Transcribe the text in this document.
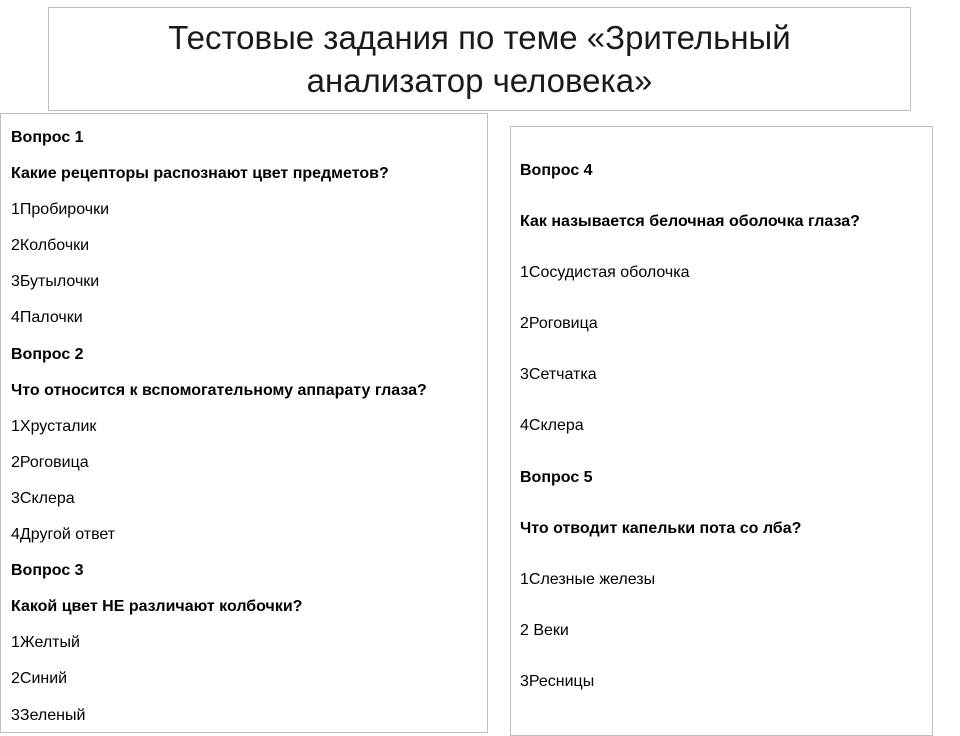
Тестовые задания по теме «Зрительный
анализатор человека»
Вопрос 1
Какие рецепторы распознают цвет предметов?
1Пробирочки
2Колбочки
3Бутылочки
4Палочки
Вопрос 2
Что относится к вспомогательному аппарату глаза?
1Хрусталик
2Роговица
3Склера
4Другой ответ
Вопрос 3
Какой цвет НЕ различают колбочки?
1Желтый
2Синий
3Зеленый
Вопрос 4
Как называется белочная оболочка глаза?
1Сосудистая оболочка
2Роговица
3Сетчатка
4Склера
Вопрос 5
Что отводит капельки пота со лба?
1Слезные железы
2 Веки
3Ресницы
